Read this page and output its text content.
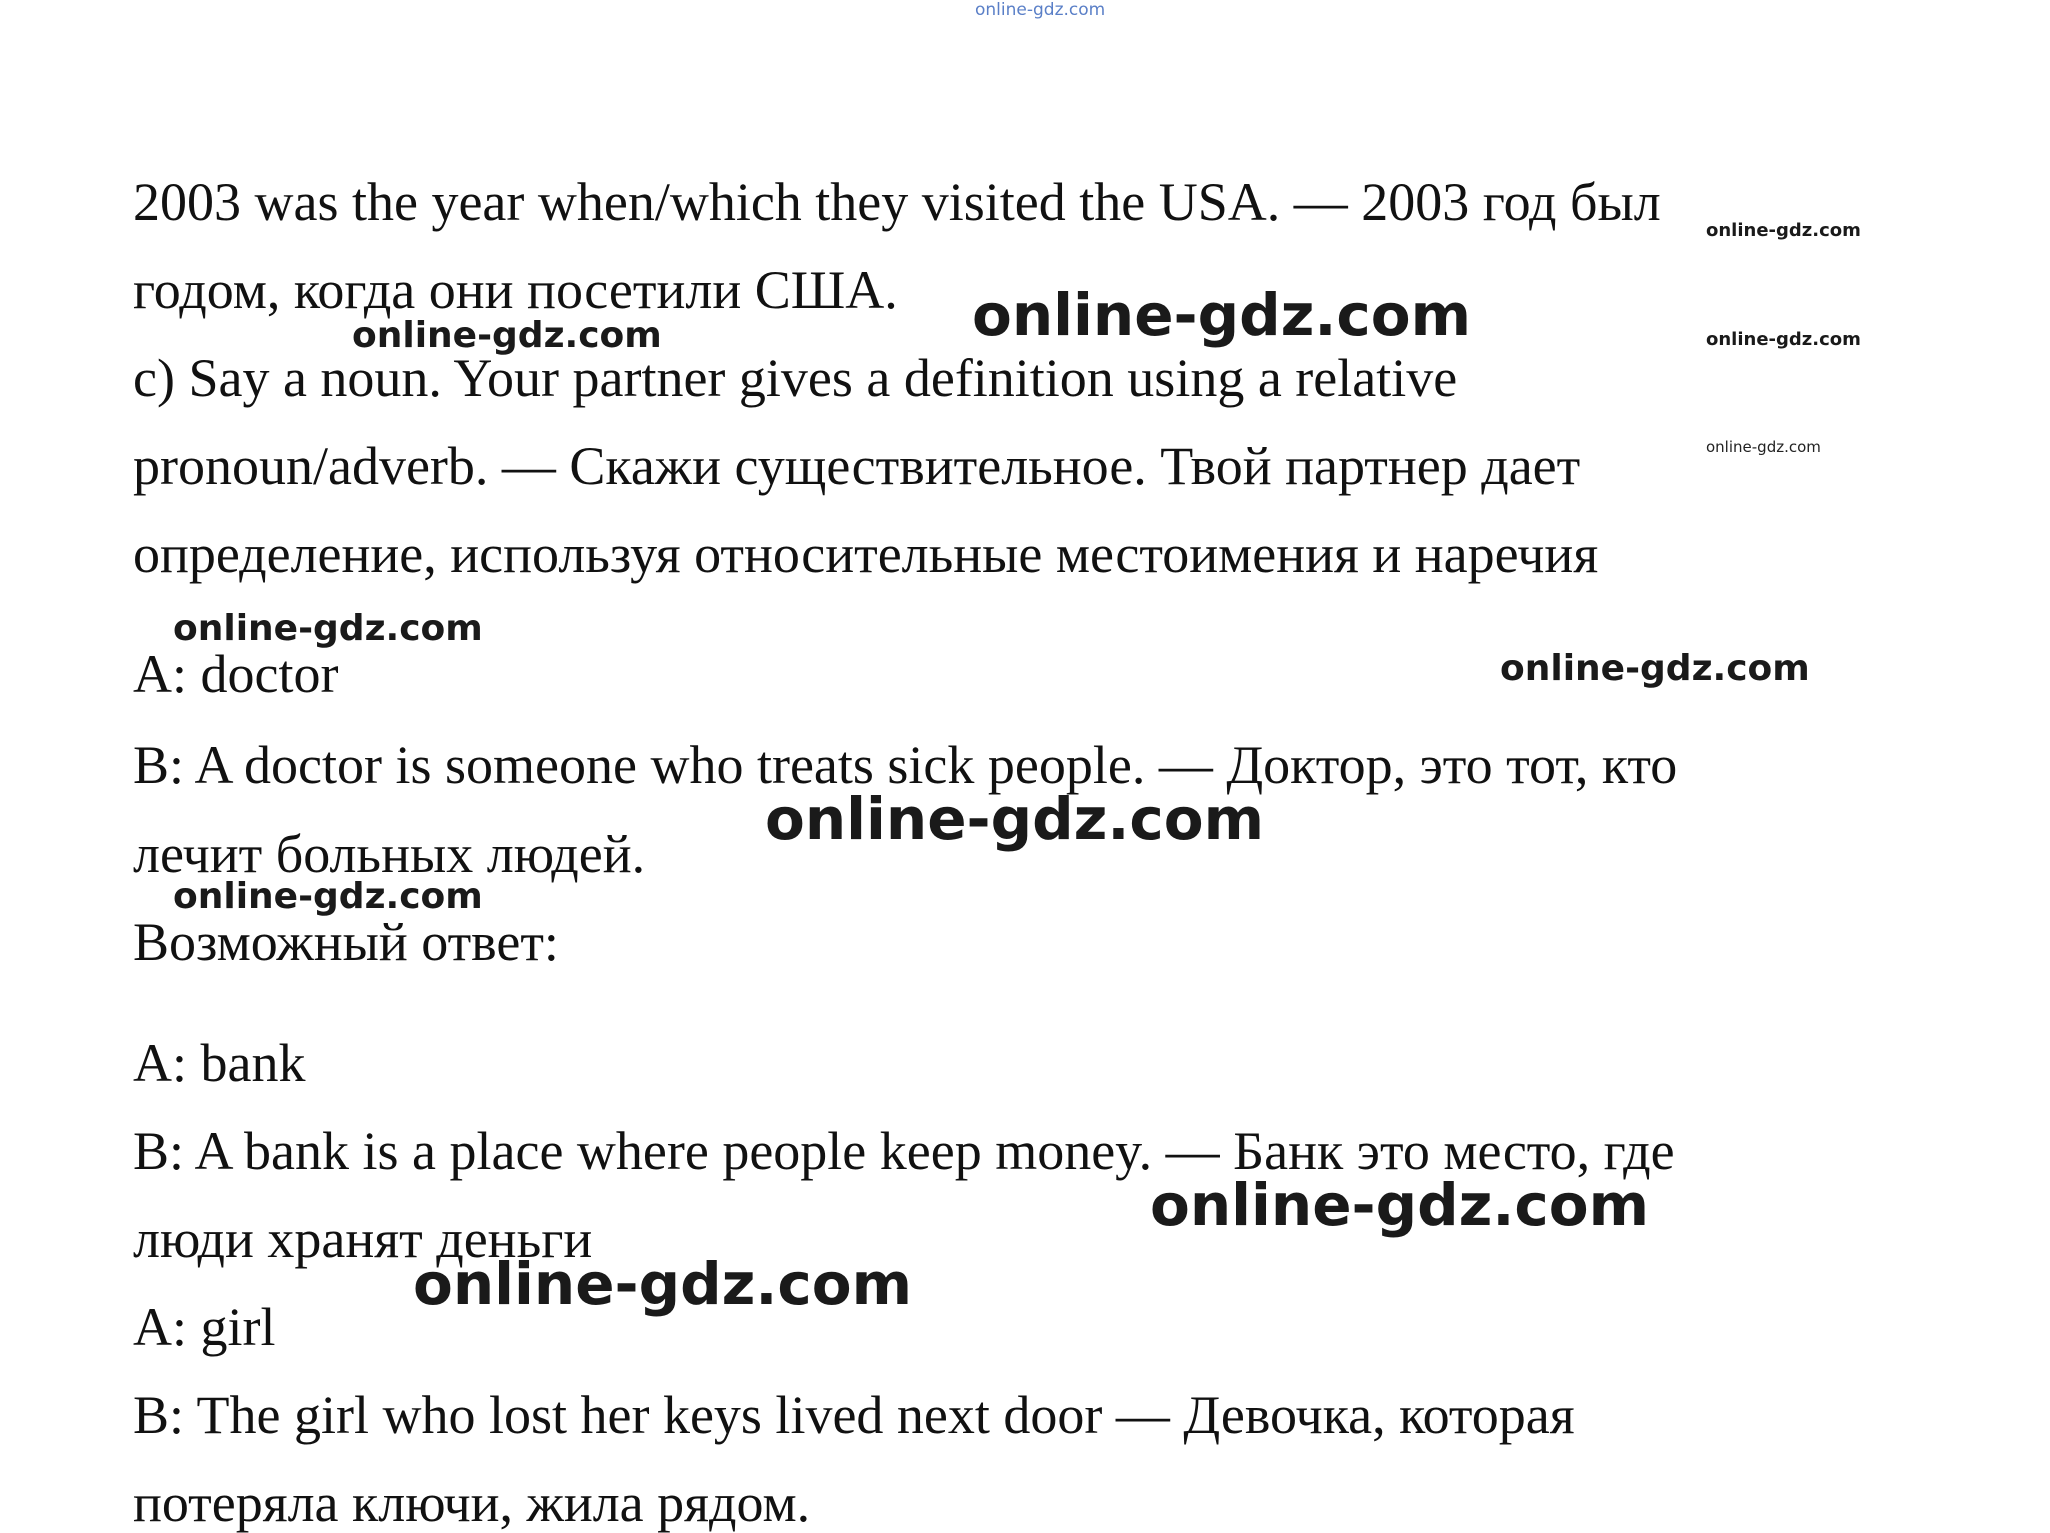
2003 was the year when/which they visited the USA. — 2003 год был

годом, когда они посетили США.

c) Say a noun. Your partner gives a definition using a relative

pronoun/adverb. — Скажи существительное. Твой партнер дает

определение, используя относительные местоимения и наречия

A: doctor

B: A doctor is someone who treats sick people. — Доктор, это тот, кто

лечит больных людей.

Возможный ответ:

A: bank

B: A bank is a place where people keep money. — Банк это место, где

люди хранят деньги

A: girl

B: The girl who lost her keys lived next door — Девочка, которая

потеряла ключи, жила рядом.

online-gdz.com
online-gdz.com
online-gdz.com	online-gdz.com	online-gdz.com
online-gdz.com
online-gdz.com
online-gdz.com
online-gdz.com
online-gdz.com
online-gdz.com
online-gdz.com
